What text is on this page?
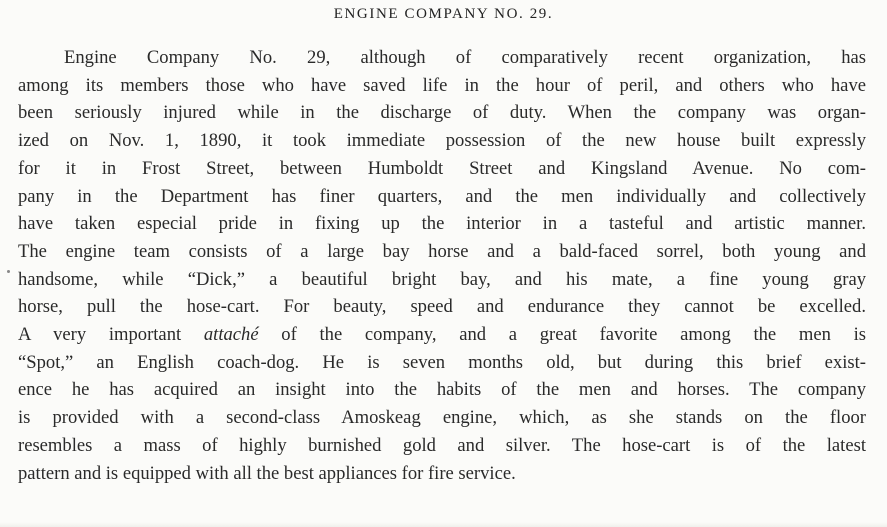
ENGINE COMPANY NO. 29.
Engine Company No. 29, although of comparatively recent organization, has
among its members those who have saved life in the hour of peril, and others who have
been seriously injured while in the discharge of duty. When the company was organ-
ized on Nov. 1, 1890, it took immediate possession of the new house built expressly
for it in Frost Street, between Humboldt Street and Kingsland Avenue. No com-
pany in the Department has finer quarters, and the men individually and collectively
have taken especial pride in fixing up the interior in a tasteful and artistic manner.
The engine team consists of a large bay horse and a bald-faced sorrel, both young and
handsome, while “Dick,” a beautiful bright bay, and his mate, a fine young gray
horse, pull the hose-cart. For beauty, speed and endurance they cannot be excelled.
A very important attaché of the company, and a great favorite among the men is
“Spot,” an English coach-dog. He is seven months old, but during this brief exist-
ence he has acquired an insight into the habits of the men and horses. The company
is provided with a second-class Amoskeag engine, which, as she stands on the floor
resembles a mass of highly burnished gold and silver. The hose-cart is of the latest
pattern and is equipped with all the best appliances for fire service.
